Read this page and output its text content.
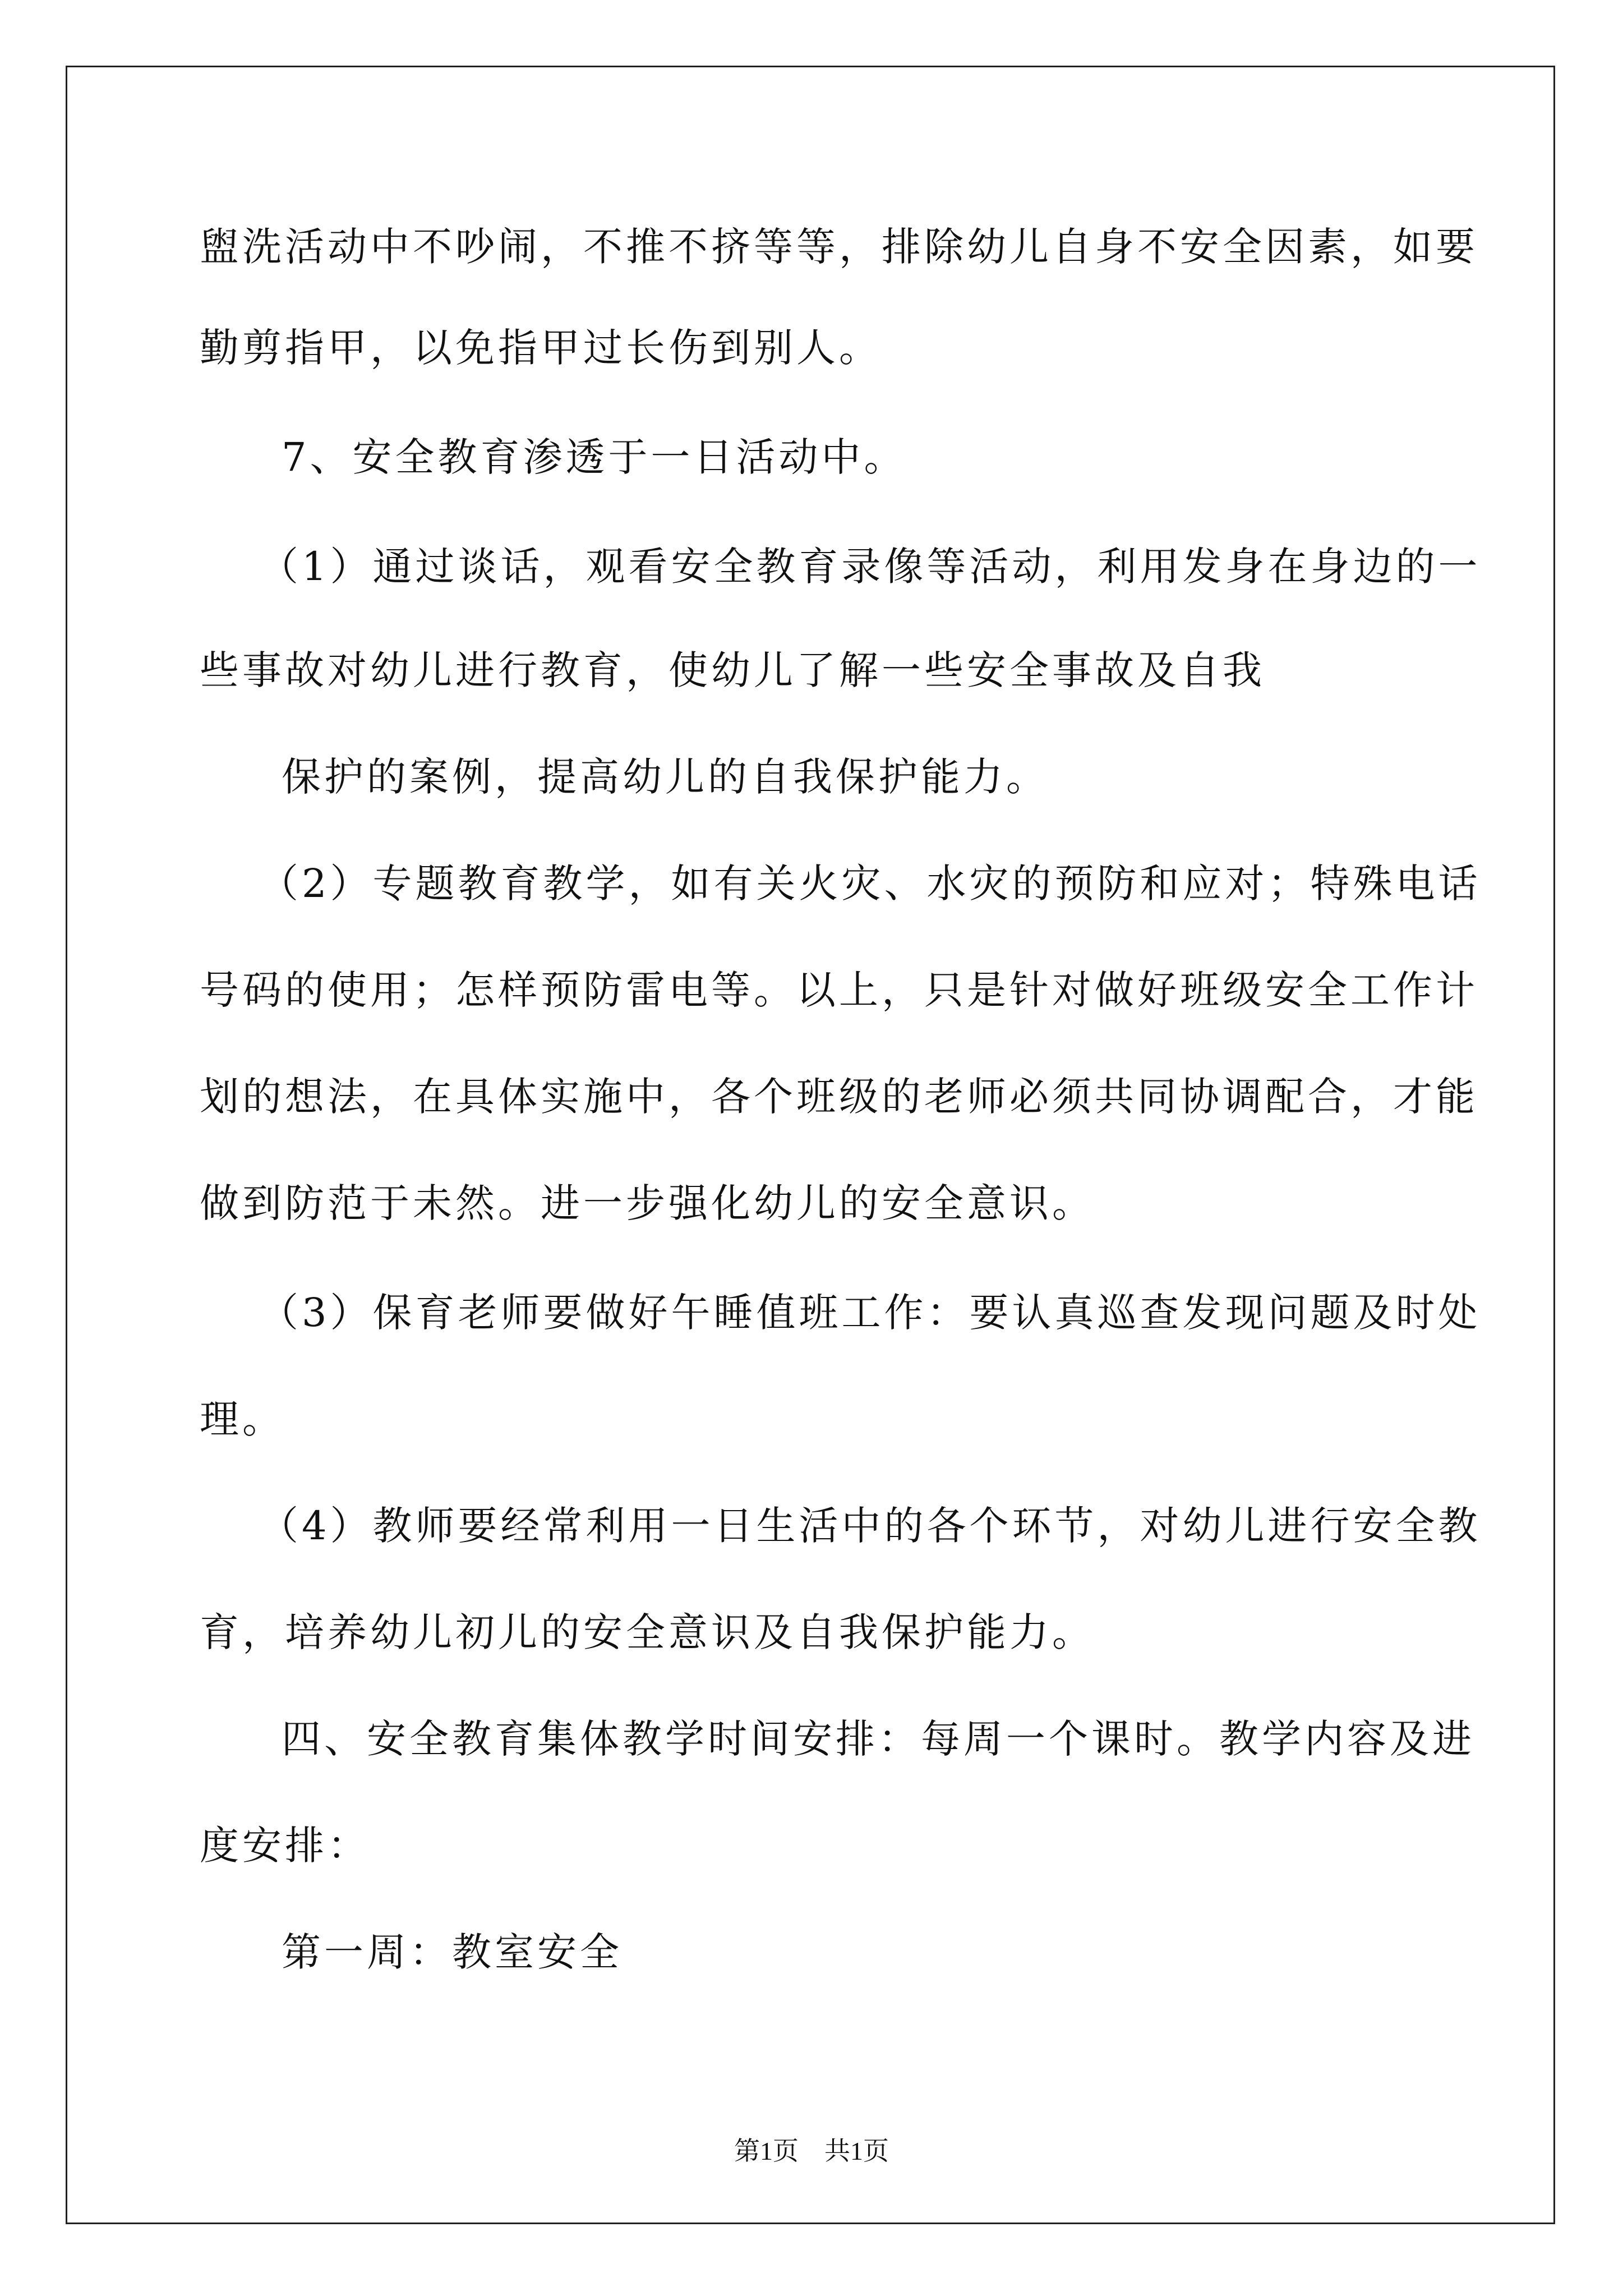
盥洗活动中不吵闹，不推不挤等等，排除幼儿自身不安全因素，如要
勤剪指甲，以免指甲过长伤到别人。
7、安全教育渗透于一日活动中。
（1）通过谈话，观看安全教育录像等活动，利用发身在身边的一
些事故对幼儿进行教育，使幼儿了解一些安全事故及自我
保护的案例，提高幼儿的自我保护能力。
（2）专题教育教学，如有关火灾、水灾的预防和应对；特殊电话
号码的使用；怎样预防雷电等。以上，只是针对做好班级安全工作计
划的想法，在具体实施中，各个班级的老师必须共同协调配合，才能
做到防范于未然。进一步强化幼儿的安全意识。
（3）保育老师要做好午睡值班工作：要认真巡查发现问题及时处
理。
（4）教师要经常利用一日生活中的各个环节，对幼儿进行安全教
育，培养幼儿初儿的安全意识及自我保护能力。
四、安全教育集体教学时间安排：每周一个课时。教学内容及进
度安排：
第一周：教室安全
第1页　共1页
